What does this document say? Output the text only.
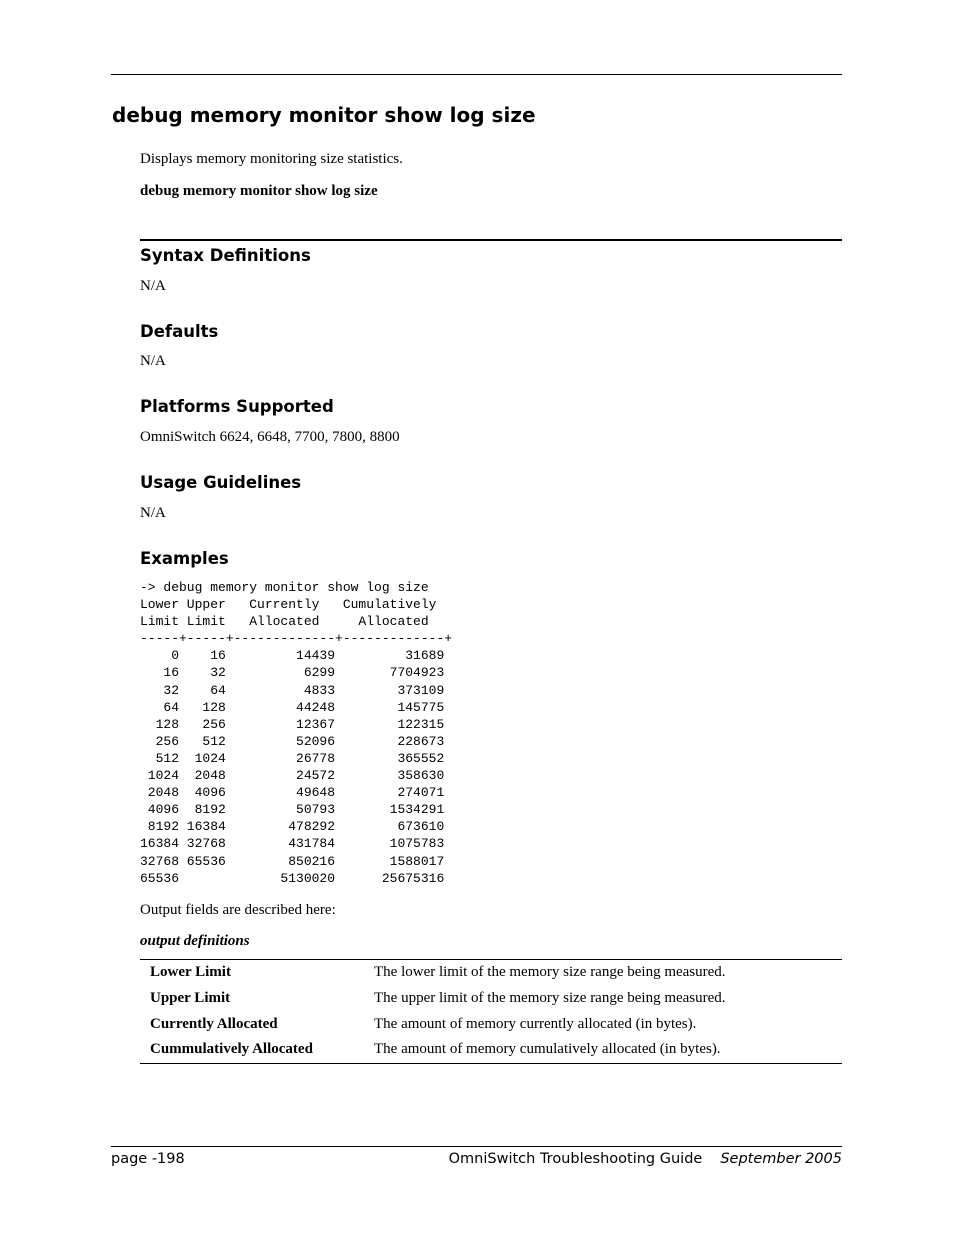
debug memory monitor show log size
Displays memory monitoring size statistics.
debug memory monitor show log size
Syntax Definitions
N/A
Defaults
N/A
Platforms Supported
OmniSwitch 6624, 6648, 7700, 7800, 8800
Usage Guidelines
N/A
Examples
-> debug memory monitor show log size
Lower Upper   Currently   Cumulatively
Limit Limit   Allocated     Allocated
-----+-----+-------------+-------------+
0    16         14439         31689
16    32          6299       7704923
32    64          4833        373109
64   128         44248        145775
128   256         12367        122315
256   512         52096        228673
512  1024         26778        365552
1024  2048         24572        358630
2048  4096         49648        274071
4096  8192         50793       1534291
8192 16384        478292        673610
16384 32768        431784       1075783
32768 65536        850216       1588017
65536             5130020      25675316
Output fields are described here:
output definitions
Lower Limit	The lower limit of the memory size range being measured.
Upper Limit	The upper limit of the memory size range being measured.
Currently Allocated	The amount of memory currently allocated (in bytes).
Cummulatively Allocated	The amount of memory cumulatively allocated (in bytes).
page -198	OmniSwitch Troubleshooting Guide September 2005
